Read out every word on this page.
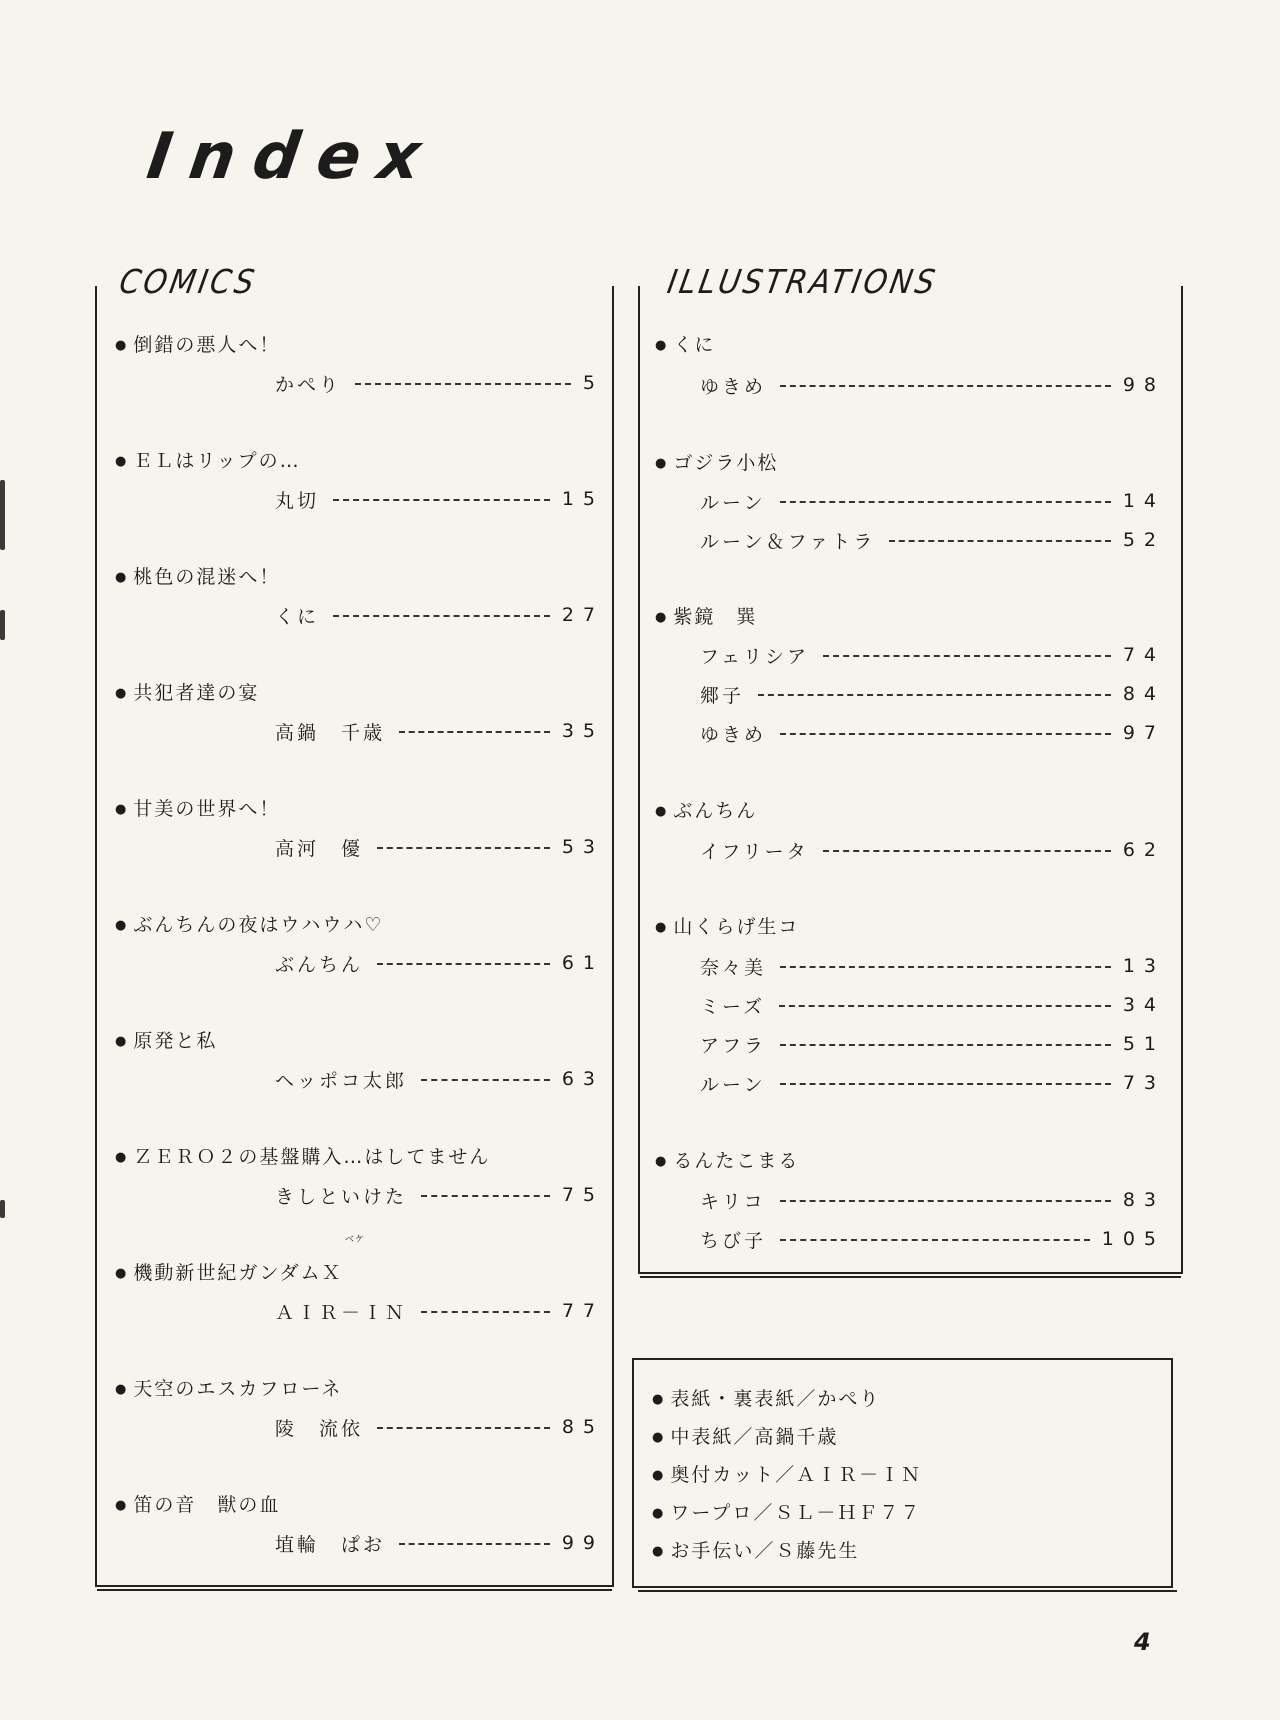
Index
COMICS
● 倒錯の悪人へ！
かぺり	5
● ＥＬはリップの…
丸切	15
● 桃色の混迷へ！
くに	27
● 共犯者達の宴
高鍋　千歳	35
● 甘美の世界へ！
高河　優	53
● ぶんちんの夜はウハウハ♡
ぶんちん	61
● 原発と私
ヘッポコ太郎	63
● ＺＥＲＯ２の基盤購入…はしてません
きしといけた	75
ベケ
● 機動新世紀ガンダムＸ
ＡＩＲ－ＩＮ	77
● 天空のエスカフローネ
陵　流依	85
● 笛の音　獣の血
埴輪　ぱお	99
ILLUSTRATIONS
● くに
ゆきめ	98
● ゴジラ小松
ルーン	14
ルーン＆ファトラ	52
● 紫鏡　巽
フェリシア	74
郷子	84
ゆきめ	97
● ぶんちん
イフリータ	62
● 山くらげ生コ
奈々美	13
ミーズ	34
アフラ	51
ルーン	73
● るんたこまる
キリコ	83
ちび子	105
● 表紙・裏表紙／かぺり
● 中表紙／高鍋千歳
● 奥付カット／ＡＩＲ－ＩＮ
● ワープロ／ＳＬ－ＨＦ７７
● お手伝い／Ｓ藤先生
4
